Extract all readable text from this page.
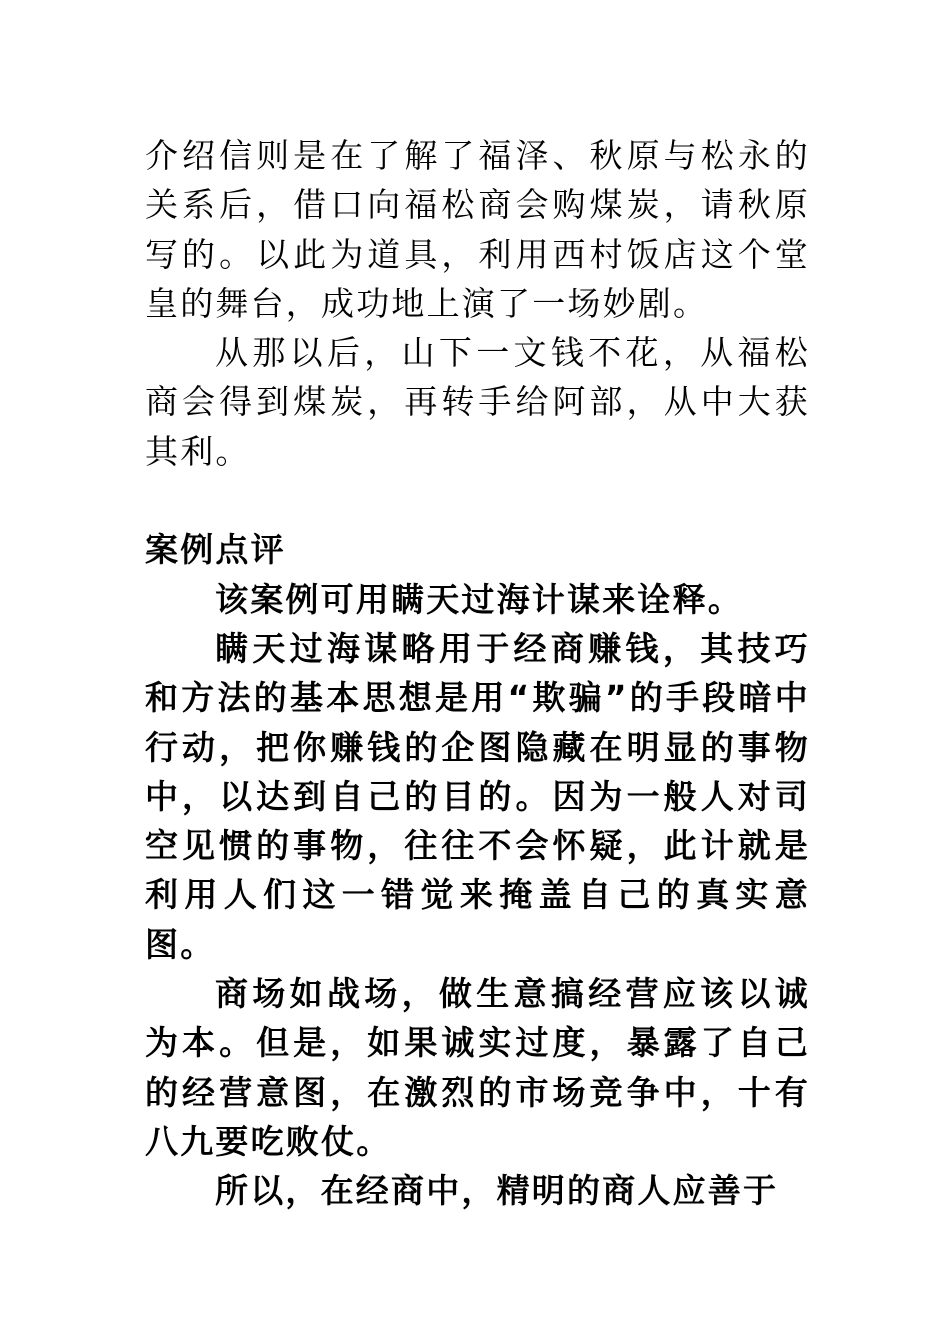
介绍信则是在了解了福泽、秋原与松永的关系后，借口向福松商会购煤炭，请秋原写的。以此为道具，利用西村饭店这个堂皇的舞台，成功地上演了一场妙剧。

从那以后，山下一文钱不花，从福松商会得到煤炭，再转手给阿部，从中大获其利。

案例点评

该案例可用瞒天过海计谋来诠释。

瞒天过海谋略用于经商赚钱，其技巧和方法的基本思想是用“欺骗”的手段暗中行动，把你赚钱的企图隐藏在明显的事物中，以达到自己的目的。因为一般人对司空见惯的事物，往往不会怀疑，此计就是利用人们这一错觉来掩盖自己的真实意图。

商场如战场，做生意搞经营应该以诚为本。但是，如果诚实过度，暴露了自己的经营意图，在激烈的市场竞争中，十有八九要吃败仗。

所以，在经商中，精明的商人应善于
